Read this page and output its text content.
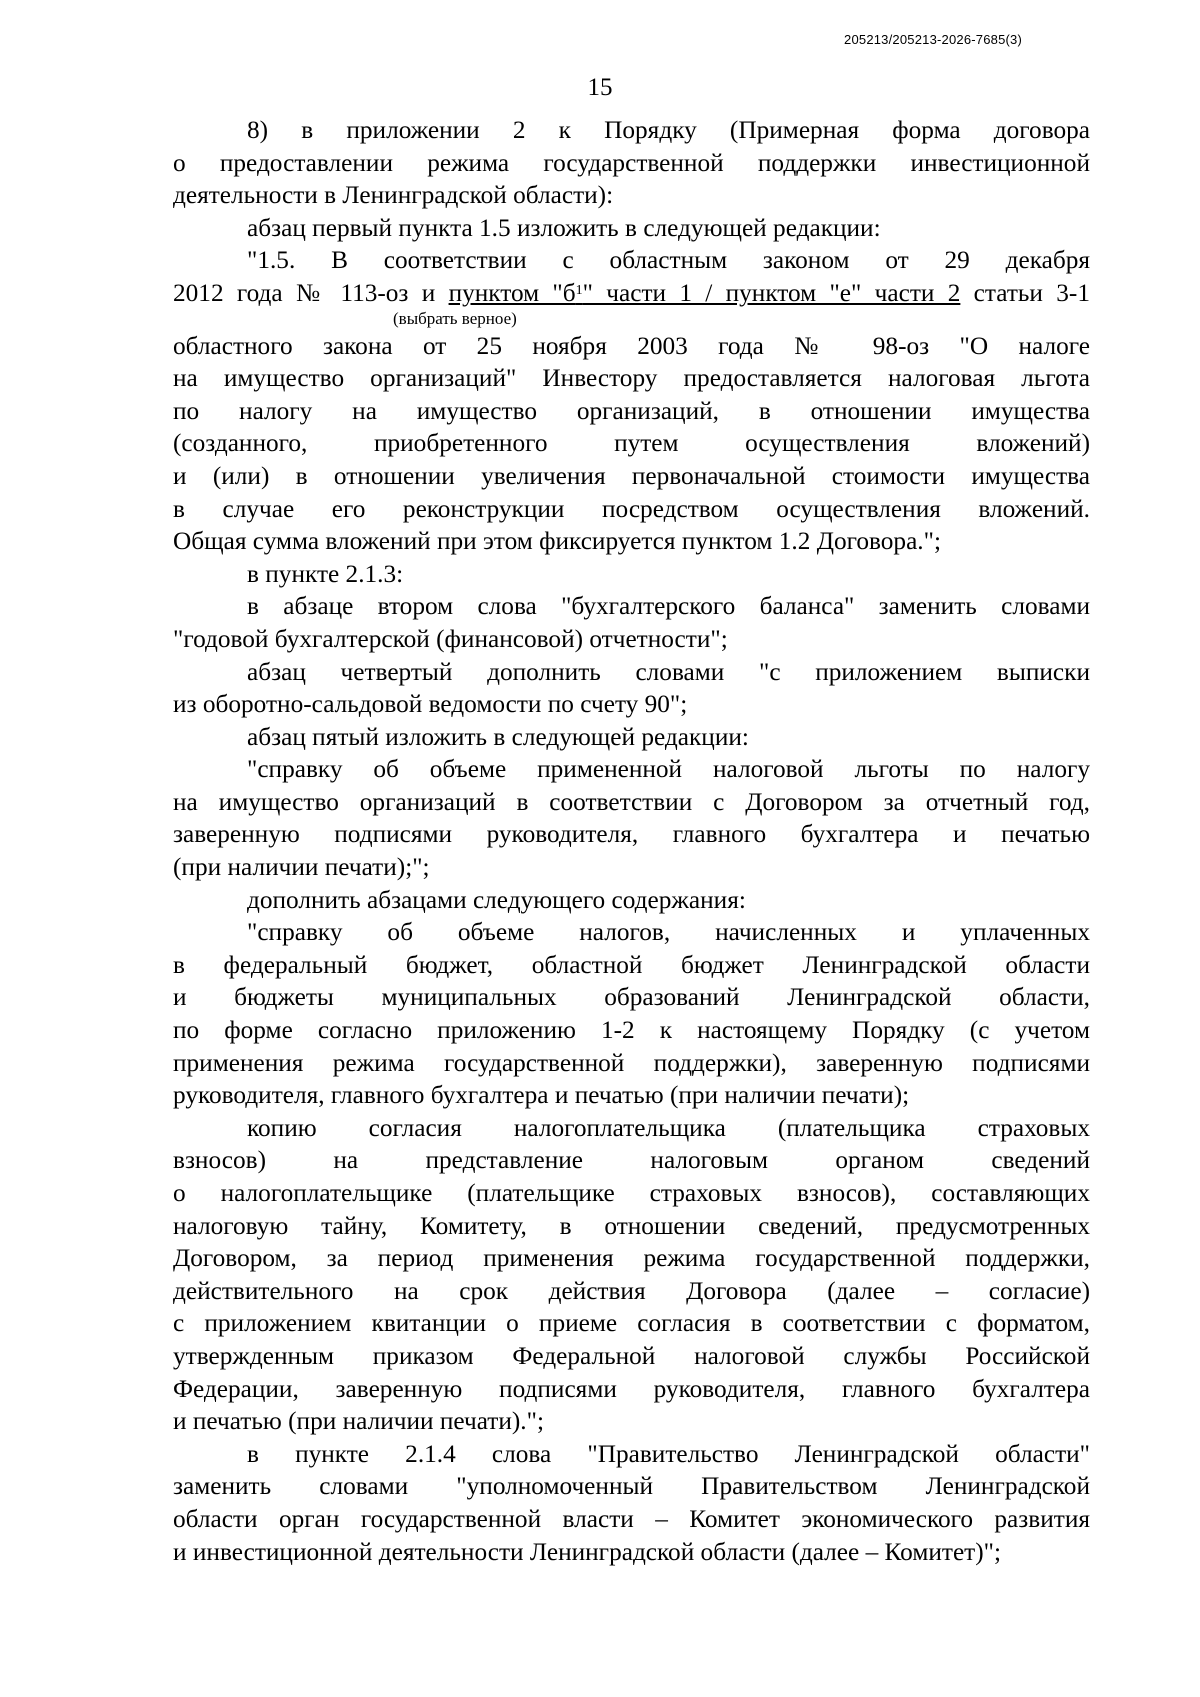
205213/205213-2026-7685(3)
15
8) в приложении 2 к Порядку (Примерная форма договора
о предоставлении режима государственной поддержки инвестиционной
деятельности в Ленинградской области):
абзац первый пункта 1.5 изложить в следующей редакции:
"1.5. В соответствии с областным законом от 29 декабря
2012 года № 113-оз и пунктом "$б^1$" части 1 / пунктом "е" части 2 статьи 3-1
(выбрать верное)
областного закона от 25 ноября 2003 года № 98-оз "О налоге
на имущество организаций" Инвестору предоставляется налоговая льгота
по налогу на имущество организаций, в отношении имущества
(созданного, приобретенного путем осуществления вложений)
и (или) в отношении увеличения первоначальной стоимости имущества
в случае его реконструкции посредством осуществления вложений.
Общая сумма вложений при этом фиксируется пунктом 1.2 Договора.";
в пункте 2.1.3:
в абзаце втором слова "бухгалтерского баланса" заменить словами
"годовой бухгалтерской (финансовой) отчетности";
абзац четвертый дополнить словами "с приложением выписки
из оборотно-сальдовой ведомости по счету 90";
абзац пятый изложить в следующей редакции:
"справку об объеме примененной налоговой льготы по налогу
на имущество организаций в соответствии с Договором за отчетный год,
заверенную подписями руководителя, главного бухгалтера и печатью
(при наличии печати);";
дополнить абзацами следующего содержания:
"справку об объеме налогов, начисленных и уплаченных
в федеральный бюджет, областной бюджет Ленинградской области
и бюджеты муниципальных образований Ленинградской области,
по форме согласно приложению 1-2 к настоящему Порядку (с учетом
применения режима государственной поддержки), заверенную подписями
руководителя, главного бухгалтера и печатью (при наличии печати);
копию согласия налогоплательщика (плательщика страховых
взносов) на представление налоговым органом сведений
о налогоплательщике (плательщике страховых взносов), составляющих
налоговую тайну, Комитету, в отношении сведений, предусмотренных
Договором, за период применения режима государственной поддержки,
действительного на срок действия Договора (далее – согласие)
с приложением квитанции о приеме согласия в соответствии с форматом,
утвержденным приказом Федеральной налоговой службы Российской
Федерации, заверенную подписями руководителя, главного бухгалтера
и печатью (при наличии печати).";
в пункте 2.1.4 слова "Правительство Ленинградской области"
заменить словами "уполномоченный Правительством Ленинградской
области орган государственной власти – Комитет экономического развития
и инвестиционной деятельности Ленинградской области (далее – Комитет)";
